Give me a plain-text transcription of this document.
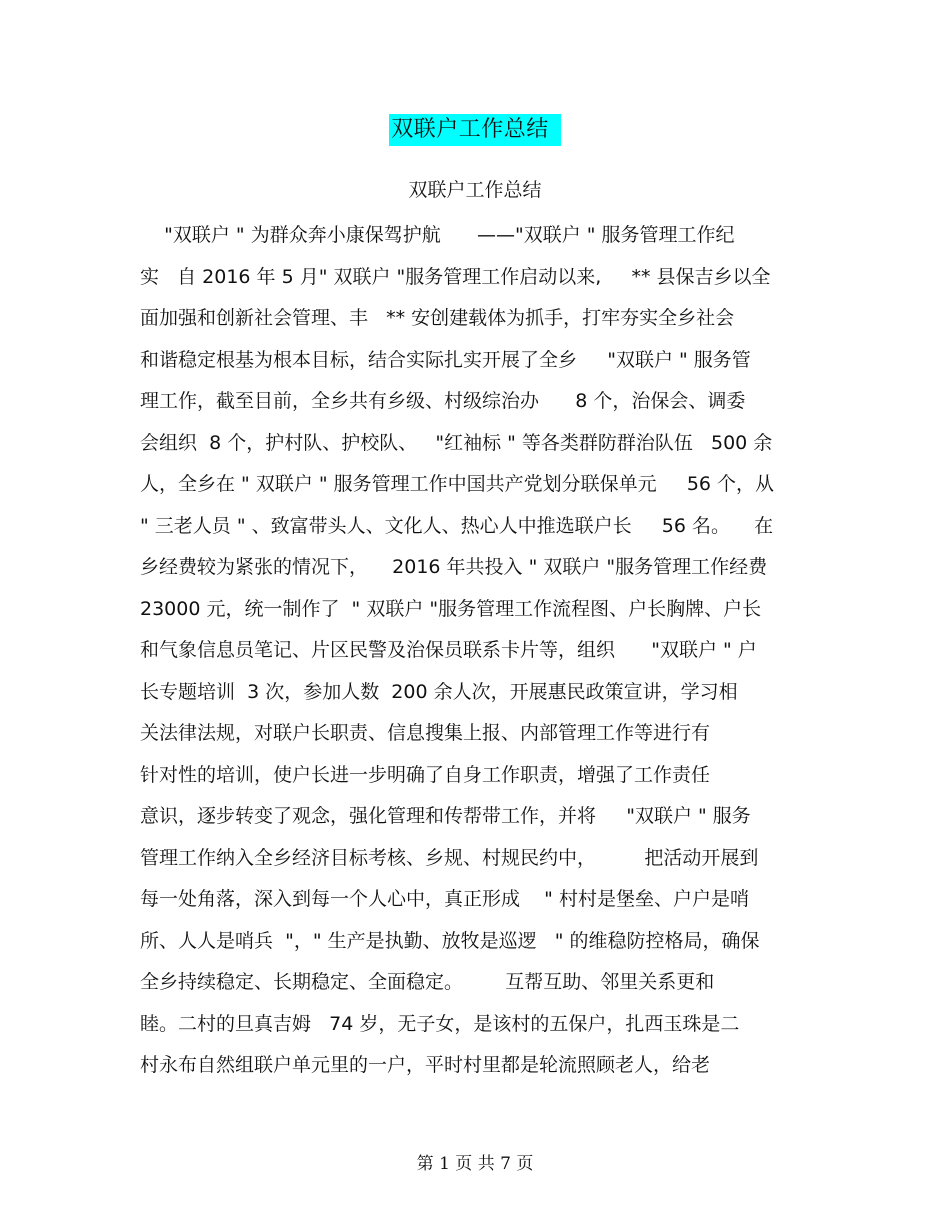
双联户工作总结
双联户工作总结
"双联户 " 为群众奔小康保驾护航      ——"双联户 " 服务管理工作纪
实   自 2016 年 5 月" 双联户 "服务管理工作启动以来,     ** 县保吉乡以全
面加强和创新社会管理、丰   ** 安创建载体为抓手，打牢夯实全乡社会
和谐稳定根基为根本目标，结合实际扎实开展了全乡     "双联户 " 服务管
理工作，截至目前，全乡共有乡级、村级综治办      8 个，治保会、调委
会组织  8 个，护村队、护校队、   "红袖标 " 等各类群防群治队伍   500 余
人，全乡在 " 双联户 " 服务管理工作中国共产党划分联保单元     56 个，从
" 三老人员 " 、致富带头人、文化人、热心人中推选联户长     56 名。    在
乡经费较为紧张的情况下，    2016 年共投入 " 双联户 "服务管理工作经费
23000 元，统一制作了  " 双联户 "服务管理工作流程图、户长胸牌、户长
和气象信息员笔记、片区民警及治保员联系卡片等，组织      "双联户 " 户
长专题培训  3 次，参加人数  200 余人次，开展惠民政策宣讲，学习相
关法律法规，对联户长职责、信息搜集上报、内部管理工作等进行有
针对性的培训，使户长进一步明确了自身工作职责，增强了工作责任
意识，逐步转变了观念，强化管理和传帮带工作，并将     "双联户 " 服务
管理工作纳入全乡经济目标考核、乡规、村规民约中，        把活动开展到
每一处角落，深入到每一个人心中，真正形成    " 村村是堡垒、户户是哨
所、人人是哨兵  "，" 生产是执勤、放牧是巡逻   " 的维稳防控格局，确保
全乡持续稳定、长期稳定、全面稳定。       互帮互助、邻里关系更和
睦。二村的旦真吉姆   74 岁，无子女，是该村的五保户，扎西玉珠是二
村永布自然组联户单元里的一户，平时村里都是轮流照顾老人，给老
第 1 页 共 7 页
